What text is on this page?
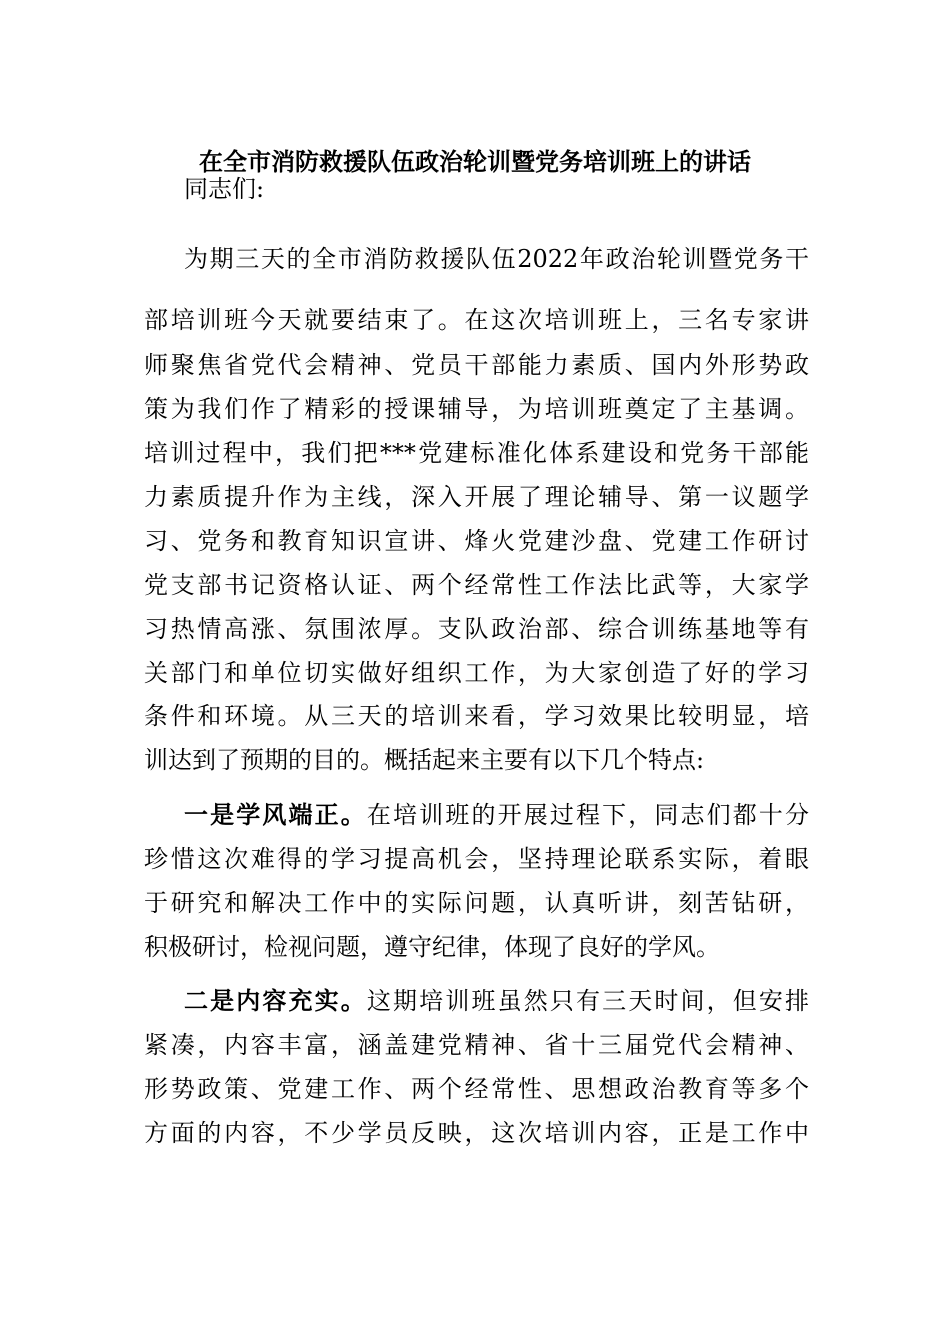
在全市消防救援队伍政治轮训暨党务培训班上的讲话
同志们:
为期三天的全市消防救援队伍2022年政治轮训暨党务干
部培训班今天就要结束了。在这次培训班上，三名专家讲
师聚焦省党代会精神、党员干部能力素质、国内外形势政
策为我们作了精彩的授课辅导，为培训班奠定了主基调。
培训过程中，我们把***党建标准化体系建设和党务干部能
力素质提升作为主线，深入开展了理论辅导、第一议题学
习、党务和教育知识宣讲、烽火党建沙盘、党建工作研讨
党支部书记资格认证、两个经常性工作法比武等，大家学
习热情高涨、氛围浓厚。支队政治部、综合训练基地等有
关部门和单位切实做好组织工作，为大家创造了好的学习
条件和环境。从三天的培训来看，学习效果比较明显，培
训达到了预期的目的。概括起来主要有以下几个特点:
一是学风端正。在培训班的开展过程下，同志们都十分
珍惜这次难得的学习提高机会，坚持理论联系实际，着眼
于研究和解决工作中的实际问题，认真听讲，刻苦钻研，
积极研讨，检视问题，遵守纪律，体现了良好的学风。
二是内容充实。这期培训班虽然只有三天时间，但安排
紧凑，内容丰富，涵盖建党精神、省十三届党代会精神、
形势政策、党建工作、两个经常性、思想政治教育等多个
方面的内容，不少学员反映，这次培训内容，正是工作中
